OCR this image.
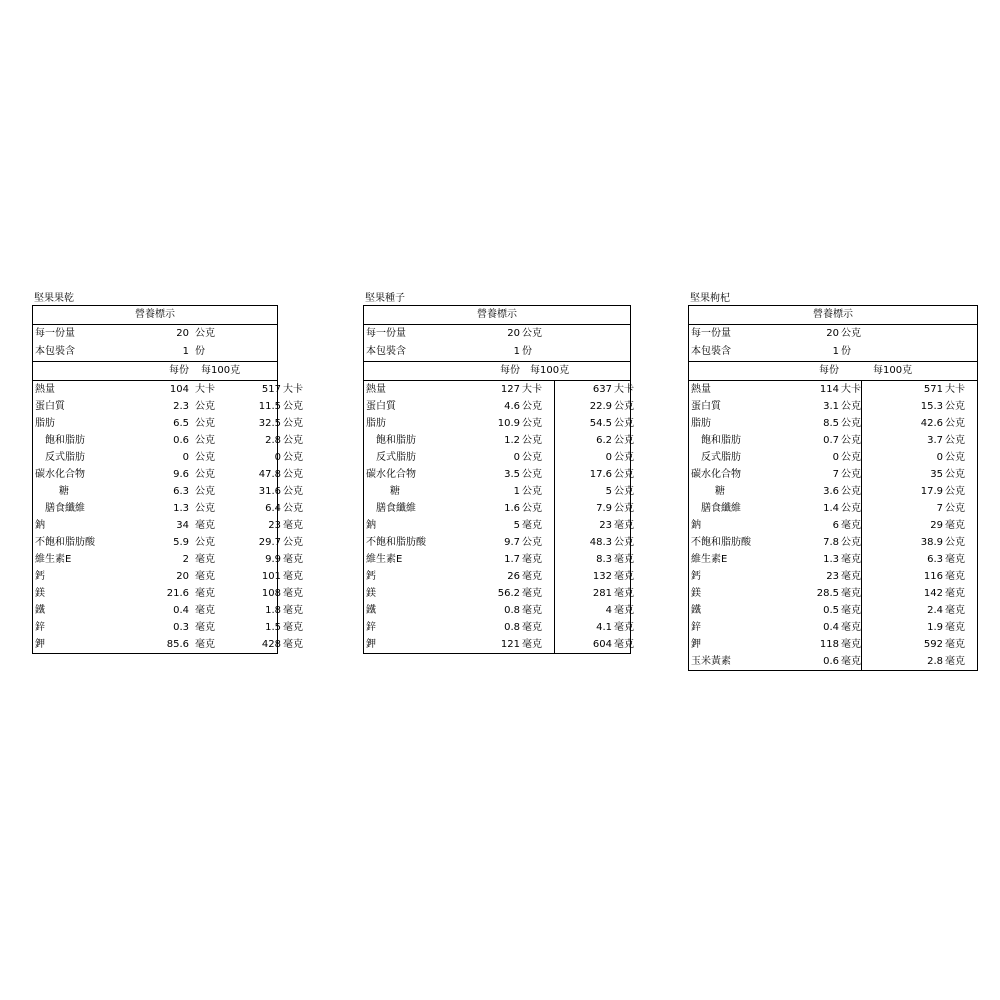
堅果果乾
營養標示
每一份量	20 公克
本包裝含	1 份
每份 每100克
熱量	104 大卡	517 大卡
蛋白質	2.3 公克	11.5 公克
脂肪	6.5 公克	32.5 公克
飽和脂肪	0.6 公克	2.8 公克
反式脂肪	0 公克	0 公克
碳水化合物	9.6 公克	47.8 公克
糖	6.3 公克	31.6 公克
膳食纖維	1.3 公克	6.4 公克
鈉	34 毫克	23 毫克
不飽和脂肪酸	5.9 公克	29.7 公克
維生素E	2 毫克	9.9 毫克
鈣	20 毫克	101 毫克
鎂	21.6 毫克	108 毫克
鐵	0.4 毫克	1.8 毫克
鋅	0.3 毫克	1.5 毫克
鉀	85.6 毫克	428 毫克
堅果種子
營養標示
每一份量	20 公克
本包裝含	1 份
每份 每100克
熱量	127 大卡	637 大卡
蛋白質	4.6 公克	22.9 公克
脂肪	10.9 公克	54.5 公克
飽和脂肪	1.2 公克	6.2 公克
反式脂肪	0 公克	0 公克
碳水化合物	3.5 公克	17.6 公克
糖	1 公克	5 公克
膳食纖維	1.6 公克	7.9 公克
鈉	5 毫克	23 毫克
不飽和脂肪酸	9.7 公克	48.3 公克
維生素E	1.7 毫克	8.3 毫克
鈣	26 毫克	132 毫克
鎂	56.2 毫克	281 毫克
鐵	0.8 毫克	4 毫克
鋅	0.8 毫克	4.1 毫克
鉀	121 毫克	604 毫克
堅果枸杞
營養標示
每一份量	20 公克
本包裝含	1 份
每份	每100克
熱量	114 大卡	571 大卡
蛋白質	3.1 公克	15.3 公克
脂肪	8.5 公克	42.6 公克
飽和脂肪	0.7 公克	3.7 公克
反式脂肪	0 公克	0 公克
碳水化合物	7 公克	35 公克
糖	3.6 公克	17.9 公克
膳食纖維	1.4 公克	7 公克
鈉	6 毫克	29 毫克
不飽和脂肪酸	7.8 公克	38.9 公克
維生素E	1.3 毫克	6.3 毫克
鈣	23 毫克	116 毫克
鎂	28.5 毫克	142 毫克
鐵	0.5 毫克	2.4 毫克
鋅	0.4 毫克	1.9 毫克
鉀	118 毫克	592 毫克
玉米黃素	0.6 毫克	2.8 毫克
